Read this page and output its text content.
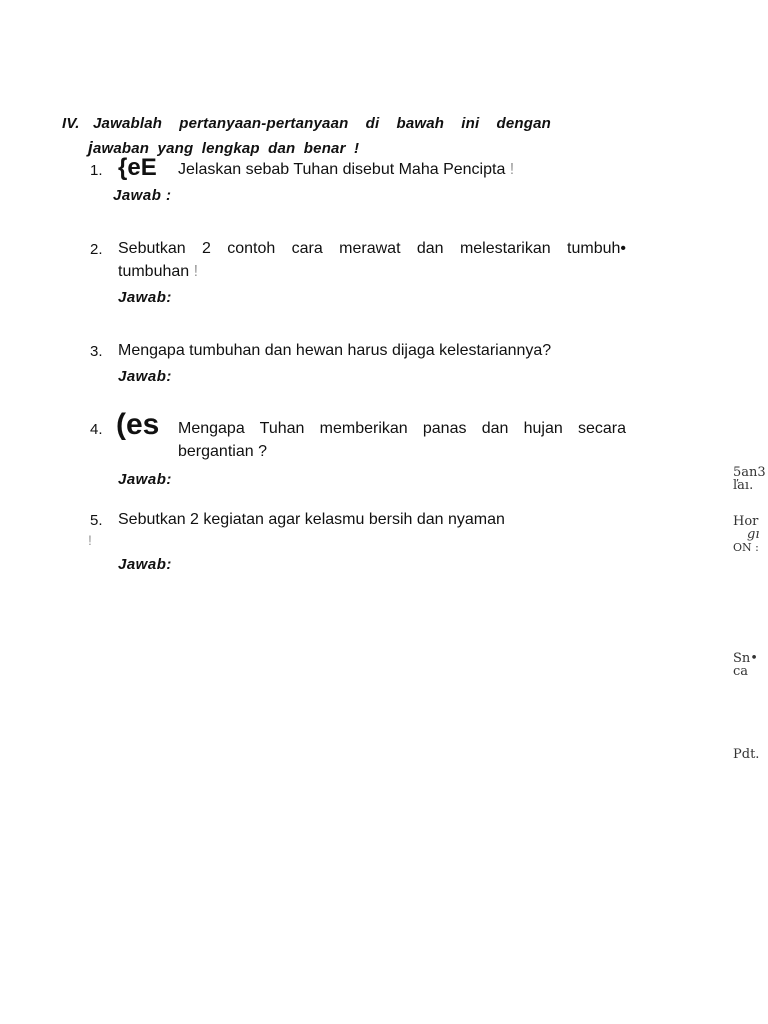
IV. Jawablah pertanyaan-pertanyaan di bawah ini dengan
jawaban yang lengkap dan benar !
1. {eE Jelaskan sebab Tuhan disebut Maha Pencipta !
Jawab :
2. Sebutkan 2 contoh cara merawat dan melestarikan tumbuh•
tumbuhan !
Jawab:
3. Mengapa tumbuhan dan hewan harus dijaga kelestariannya?
Jawab:
4. (es Mengapa Tuhan memberikan panas dan hujan secara
bergantian ?
Jawab:
5. Sebutkan 2 kegiatan agar kelasmu bersih dan nyaman
!
Jawab:
5an3
ľaı.
Hor
gı
ON :
Sn•
ca
Pdt.
